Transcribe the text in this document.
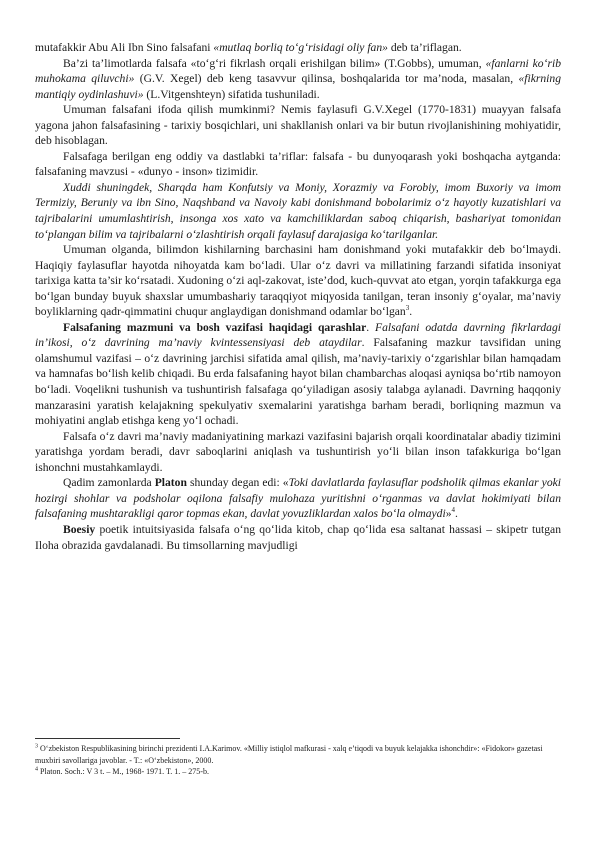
mutafakkir Abu Ali Ibn Sino falsafani «mutlaq borliq to‘g‘risidagi oliy fan» deb ta’riflagan.

Ba’zi ta’limotlarda falsafa «to‘g‘ri fikrlash orqali erishilgan bilim» (T.Gobbs), umuman, «fanlarni ko‘rib muhokama qiluvchi» (G.V. Xegel) deb keng tasavvur qilinsa, boshqalarida tor ma’noda, masalan, «fikrning mantiqiy oydinlashuvi» (L.Vitgenshteyn) sifatida tushuniladi.

Umuman falsafani ifoda qilish mumkinmi? Nemis faylasufi G.V.Xegel (1770-1831) muayyan falsafa yagona jahon falsafasining - tarixiy bosqichlari, uni shakllanish onlari va bir butun rivojlanishining mohiyatidir, deb hisoblagan.

Falsafaga berilgan eng oddiy va dastlabki ta’riflar: falsafa - bu dunyoqarash yoki boshqacha aytganda: falsafaning mavzusi - «dunyo - inson» tizimidir.

Xuddi shuningdek, Sharqda ham Konfutsiy va Moniy, Xorazmiy va Forobiy, imom Buxoriy va imom Termiziy, Beruniy va ibn Sino, Naqshband va Navoiy kabi donishmand bobolarimiz o‘z hayotiy kuzatishlari va tajribalarini umumlashtirish, insonga xos xato va kamchiliklardan saboq chiqarish, bashariyat tomonidan to‘plangan bilim va tajribalarni o‘zlashtirish orqali faylasuf darajasiga ko‘tarilganlar.

Umuman olganda, bilimdon kishilarning barchasini ham donishmand yoki mutafakkir deb bo‘lmaydi. Haqiqiy faylasuflar hayotda nihoyatda kam bo‘ladi. Ular o‘z davri va millatining farzandi sifatida insoniyat tarixiga katta ta’sir ko‘rsatadi. Xudoning o‘zi aql-zakovat, iste’dod, kuch-quvvat ato etgan, yorqin tafakkurga ega bo‘lgan bunday buyuk shaxslar umumbashariy taraqqiyot miqyosida tanilgan, teran insoniy g‘oyalar, ma’naviy boyliklarning qadr-qimmatini chuqur anglaydigan donishmand odamlar bo‘lgan$^3$.

Falsafaning mazmuni va bosh vazifasi haqidagi qarashlar. Falsafani odatda davrning fikrlardagi in’ikosi, o‘z davrining ma’naviy kvintessensiyasi deb ataydilar. Falsafaning mazkur tavsifidan uning olamshumul vazifasi – o‘z davrining jarchisi sifatida amal qilish, ma’naviy-tarixiy o‘zgarishlar bilan hamqadam va hamnafas bo‘lish kelib chiqadi. Bu erda falsafaning hayot bilan chambarchas aloqasi ayniqsa bo‘rtib namoyon bo‘ladi. Voqelikni tushunish va tushuntirish falsafaga qo‘yiladigan asosiy talabga aylanadi. Davrning haqqoniy manzarasini yaratish kelajakning spekulyativ sxemalarini yaratishga barham beradi, borliqning mazmun va mohiyatini anglab etishga keng yo‘l ochadi.

Falsafa o‘z davri ma’naviy madaniyatining markazi vazifasini bajarish orqali koordinatalar abadiy tizimini yaratishga yordam beradi, davr saboqlarini aniqlash va tushuntirish yo‘li bilan inson tafakkuriga bo‘lgan ishonchni mustahkamlaydi.

Qadim zamonlarda Platon shunday degan edi: «Toki davlatlarda faylasuflar podsholik qilmas ekanlar yoki hozirgi shohlar va podsholar oqilona falsafiy mulohaza yuritishni o‘rganmas va davlat hokimiyati bilan falsafaning mushtarakligi qaror topmas ekan, davlat yovuzliklardan xalos bo‘la olmaydi»$^4$.

Boesiy poetik intuitsiyasida falsafa o‘ng qo‘lida kitob, chap qo‘lida esa saltanat hassasi – skipetr tutgan Iloha obrazida gavdalanadi. Bu timsollarning mavjudligi

$^3$ O‘zbekiston Respublikasining birinchi prezidenti I.A.Karimov. «Milliy istiqlol mafkurasi - xalq e’tiqodi va buyuk kelajakka ishonchdir»: «Fidokor» gazetasi muxbiri savollariga javoblar. - T.: «O‘zbekiston», 2000.

$^4$ Platon. Soch.: V 3 t. – M., 1968- 1971. T. 1. – 275-b.
